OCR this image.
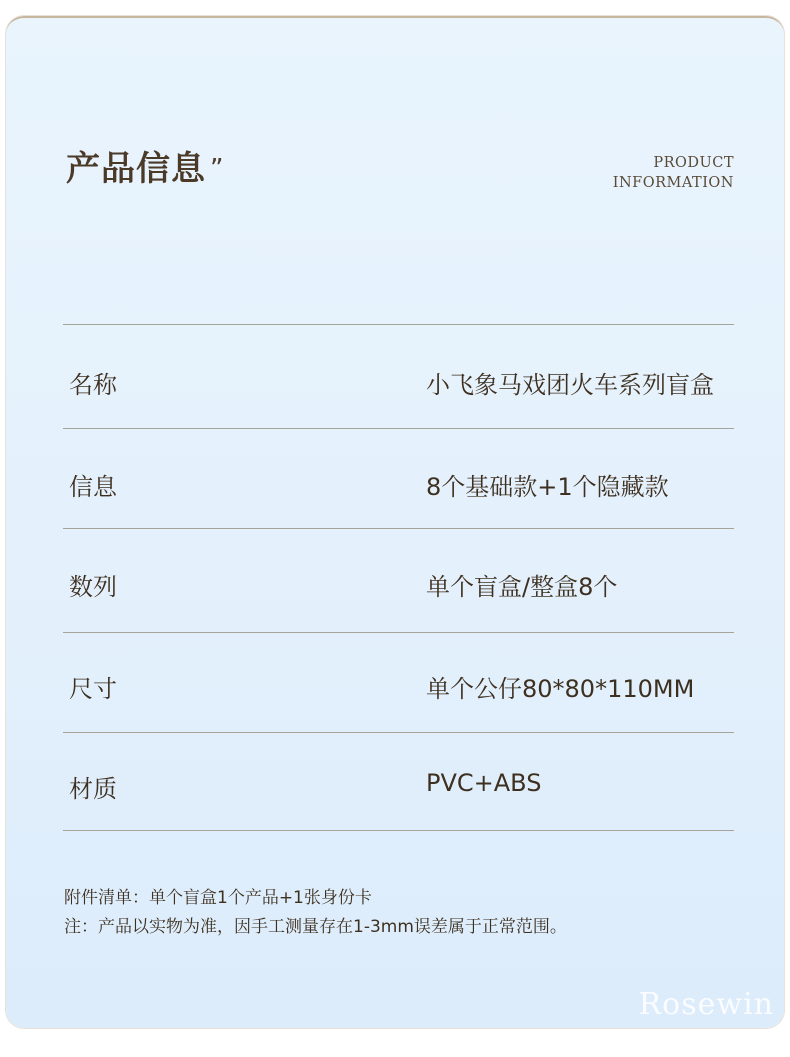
产品信息 ”	PRODUCT
INFORMATION
名称	小飞象马戏团火车系列盲盒
信息	8个基础款+1个隐藏款
数列	单个盲盒/整盒8个
尺寸	单个公仔80*80*110MM
材质	PVC+ABS
附件清单：单个盲盒1个产品+1张身份卡
注：产品以实物为准，因手工测量存在1-3mm误差属于正常范围。
Rosewin
